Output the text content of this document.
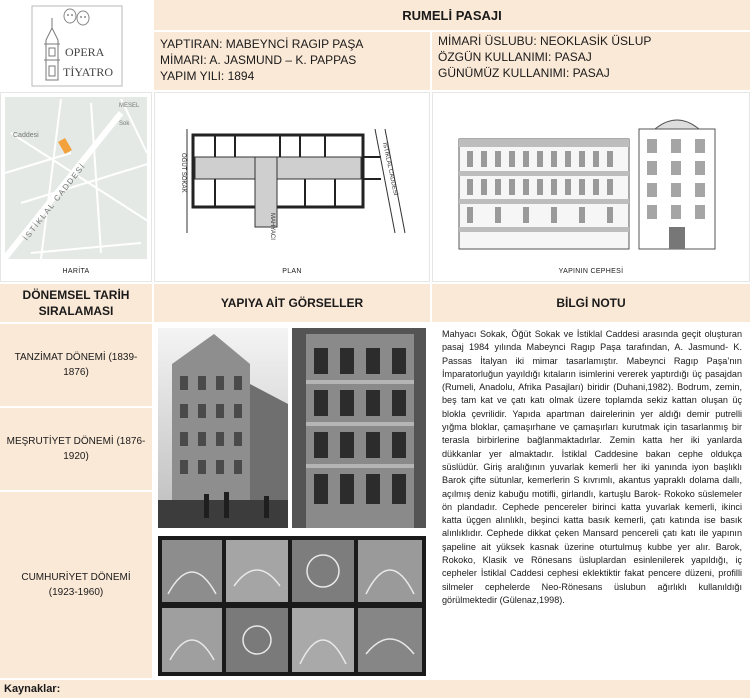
OPERA
TİYATRO
RUMELİ PASAJI
YAPTIRAN: MABEYNCİ RAGIP PAŞA
MİMARI: A. JASMUND – K. PAPPAS
YAPIM YILI: 1894
MİMARİ ÜSLUBU: NEOKLASİK ÜSLUP
ÖZGÜN KULLANIMI: PASAJ
GÜNÜMÜZ KULLANIMI: PASAJ
İSTİKLAL CADDESİ
Caddesi
MESEL
Sok
HARİTA
ÖĞÜT SOKAK
MAHYACI
İSTİKLAL CADDESİ
PLAN	YAPININ CEPHESİ
DÖNEMSEL TARİH SIRALAMASI
YAPIYA AİT GÖRSELLER	BİLGİ NOTU
TANZİMAT DÖNEMİ (1839-1876)
MEŞRUTİYET DÖNEMİ (1876-1920)
CUMHURİYET DÖNEMİ (1923-1960)
Mahyacı Sokak, Öğüt Sokak ve İstiklal Caddesi arasında geçit oluşturan pasaj 1984 yılında Mabeynci Ragıp Paşa tarafından, A. Jasmund- K. Passas İtalyan iki mimar tasarlamıştır. Mabeynci Ragıp Paşa’nın İmparatorluğun yayıldığı kıtaların isimlerini vererek yaptırdığı üç pasajdan (Rumeli, Anadolu, Afrika Pasajları) biridir (Duhani,1982). Bodrum, zemin, beş tam kat ve çatı katı olmak üzere toplamda sekiz kattan oluşan üç blokla çevrilidir. Yapıda apartman dairelerinin yer aldığı demir putrelli yığma bloklar, çamaşırhane ve çamaşırları kurutmak için tasarlanmış bir terasla birbirlerine bağlanmaktadırlar. Zemin katta her iki yanlarda dükkanlar yer almaktadır. İstiklal Caddesine bakan cephe oldukça süslüdür. Giriş aralığının yuvarlak kemerli her iki yanında iyon başlıklı Barok çifte sütunlar, kemerlerin S kıvrımlı, akantus yapraklı dolama dallı, açılmış deniz kabuğu motifli, girlandlı, kartuşlu Barok- Rokoko süslemeler ön plandadır. Cephede pencereler birinci katta yuvarlak kemerli, ikinci katta üçgen alınlıklı, beşinci katta basık kemerli, çatı katında ise basık alınlıklıdır. Cephede dikkat çeken Mansard pencereli çatı katı ile yapının şapeline ait yüksek kasnak üzerine oturtulmuş kubbe yer alır. Barok, Rokoko, Klasik ve Rönesans üsluplardan esinlenilerek yapıldığı, iç cepheler İstiklal Caddesi cephesi eklektiktir fakat pencere düzeni, profilli silmeler cephelerde Neo-Rönesans üslubun ağırlıklı kullanıldığı görülmektedir (Gülenaz,1998).
Kaynaklar:
